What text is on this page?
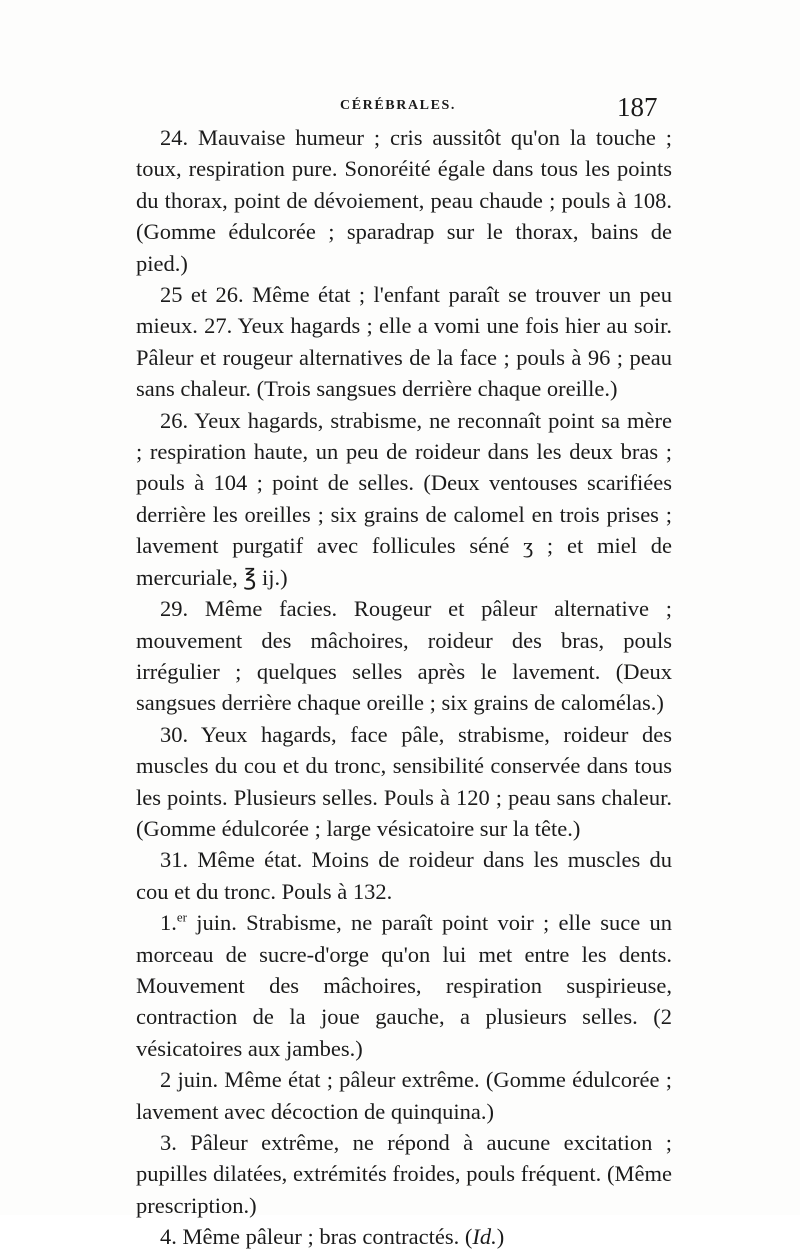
CÉRÉBRALES.	187

24. Mauvaise humeur ; cris aussitôt qu'on la touche ; toux, respiration pure. Sonoréité égale dans tous les points du thorax, point de dévoiement, peau chaude ; pouls à 108. (Gomme édulcorée ; sparadrap sur le thorax, bains de pied.)

25 et 26. Même état ; l'enfant paraît se trouver un peu mieux. 27. Yeux hagards ; elle a vomi une fois hier au soir. Pâleur et rougeur alternatives de la face ; pouls à 96 ; peau sans chaleur. (Trois sangsues derrière chaque oreille.)

26. Yeux hagards, strabisme, ne reconnaît point sa mère ; respiration haute, un peu de roideur dans les deux bras ; pouls à 104 ; point de selles. (Deux ventouses scarifiées derrière les oreilles ; six grains de calomel en trois prises ; lavement purgatif avec follicules séné ʒ ; et miel de mercuriale, ℥ ij.)

29. Même facies. Rougeur et pâleur alternative ; mouvement des mâchoires, roideur des bras, pouls irrégulier ; quelques selles après le lavement. (Deux sangsues derrière chaque oreille ; six grains de calomélas.)

30. Yeux hagards, face pâle, strabisme, roideur des muscles du cou et du tronc, sensibilité conservée dans tous les points. Plusieurs selles. Pouls à 120 ; peau sans chaleur. (Gomme édulcorée ; large vésicatoire sur la tête.)

31. Même état. Moins de roideur dans les muscles du cou et du tronc. Pouls à 132.

1.$^{er}$ juin. Strabisme, ne paraît point voir ; elle suce un morceau de sucre-d'orge qu'on lui met entre les dents. Mouvement des mâchoires, respiration suspirieuse, contraction de la joue gauche, a plusieurs selles. (2 vésicatoires aux jambes.)

2 juin. Même état ; pâleur extrême. (Gomme édulcorée ; lavement avec décoction de quinquina.)

3. Pâleur extrême, ne répond à aucune excitation ; pupilles dilatées, extrémités froides, pouls fréquent. (Même prescription.)

4. Même pâleur ; bras contractés. (Id.)
